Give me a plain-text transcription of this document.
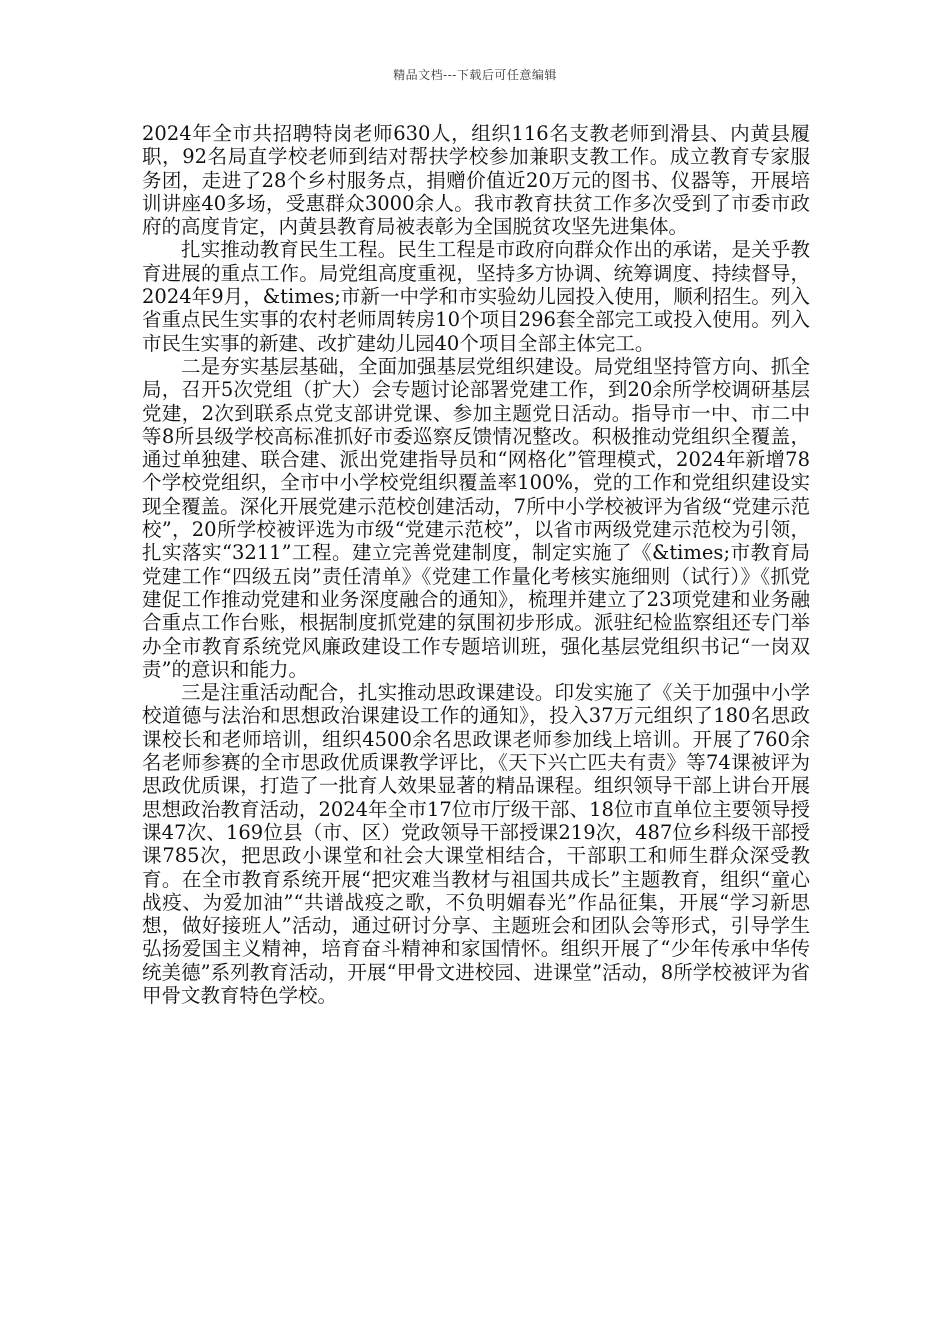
精品文档---下载后可任意编辑

2024年全市共招聘特岗老师630人，组织116名支教老师到滑县、内黄县履职，92名局直学校老师到结对帮扶学校参加兼职支教工作。成立教育专家服务团，走进了28个乡村服务点，捐赠价值近20万元的图书、仪器等，开展培训讲座40多场，受惠群众3000余人。我市教育扶贫工作多次受到了市委市政府的高度肯定，内黄县教育局被表彰为全国脱贫攻坚先进集体。

扎实推动教育民生工程。民生工程是市政府向群众作出的承诺，是关乎教育进展的重点工作。局党组高度重视，坚持多方协调、统筹调度、持续督导，2024年9月，&times;市新一中学和市实验幼儿园投入使用，顺利招生。列入省重点民生实事的农村老师周转房10个项目296套全部完工或投入使用。列入市民生实事的新建、改扩建幼儿园40个项目全部主体完工。

二是夯实基层基础，全面加强基层党组织建设。局党组坚持管方向、抓全局，召开5次党组（扩大）会专题讨论部署党建工作，到20余所学校调研基层党建，2次到联系点党支部讲党课、参加主题党日活动。指导市一中、市二中等8所县级学校高标准抓好市委巡察反馈情况整改。积极推动党组织全覆盖，通过单独建、联合建、派出党建指导员和“网格化”管理模式，2024年新增78个学校党组织，全市中小学校党组织覆盖率100%，党的工作和党组织建设实现全覆盖。深化开展党建示范校创建活动，7所中小学校被评为省级“党建示范校”，20所学校被评选为市级“党建示范校”，以省市两级党建示范校为引领，扎实落实“3211”工程。建立完善党建制度，制定实施了《&times;市教育局党建工作“四级五岗”责任清单》《党建工作量化考核实施细则（试行）》《抓党建促工作推动党建和业务深度融合的通知》，梳理并建立了23项党建和业务融合重点工作台账，根据制度抓党建的氛围初步形成。派驻纪检监察组还专门举办全市教育系统党风廉政建设工作专题培训班，强化基层党组织书记“一岗双责”的意识和能力。

三是注重活动配合，扎实推动思政课建设。印发实施了《关于加强中小学校道德与法治和思想政治课建设工作的通知》，投入37万元组织了180名思政课校长和老师培训，组织4500余名思政课老师参加线上培训。开展了760余名老师参赛的全市思政优质课教学评比，《天下兴亡匹夫有责》等74课被评为思政优质课，打造了一批育人效果显著的精品课程。组织领导干部上讲台开展思想政治教育活动，2024年全市17位市厅级干部、18位市直单位主要领导授课47次、169位县（市、区）党政领导干部授课219次，487位乡科级干部授课785次，把思政小课堂和社会大课堂相结合，干部职工和师生群众深受教育。在全市教育系统开展“把灾难当教材与祖国共成长”主题教育，组织“童心战疫、为爱加油”“共谱战疫之歌，不负明媚春光”作品征集，开展“学习新思想，做好接班人”活动，通过研讨分享、主题班会和团队会等形式，引导学生弘扬爱国主义精神，培育奋斗精神和家国情怀。组织开展了“少年传承中华传统美德”系列教育活动，开展“甲骨文进校园、进课堂”活动，8所学校被评为省甲骨文教育特色学校。
